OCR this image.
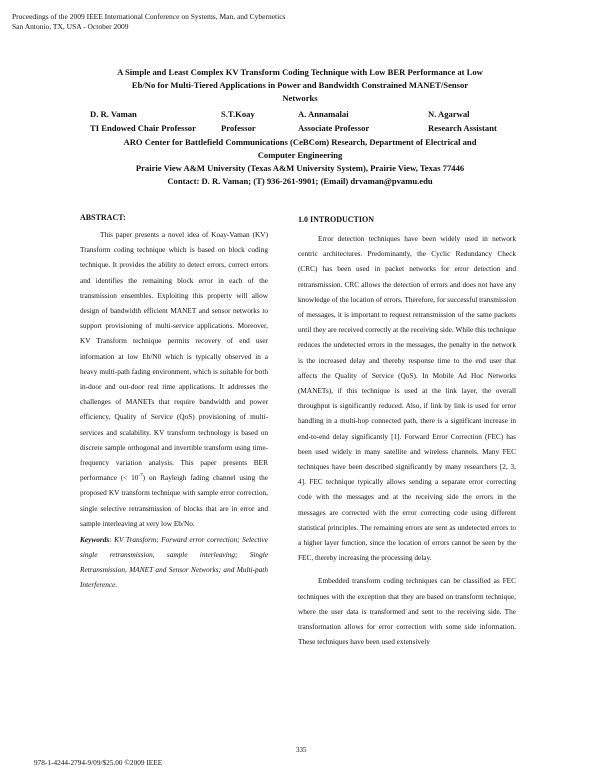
Proceedings of the 2009 IEEE International Conference on Systems, Man, and Cybernetics
San Antonio, TX, USA - October 2009
A Simple and Least Complex KV Transform Coding Technique with Low BER Performance at Low
Eb/No for Multi-Tiered Applications in Power and Bandwidth Constrained MANET/Sensor
Networks
D. R. Vaman	S.T.Koay	A. Annamalai	N. Agarwal
TI Endowed Chair Professor	Professor	Associate Professor	Research Assistant
ARO Center for Battlefield Communications (CeBCom) Research, Department of Electrical and
Computer Engineering
Prairie View A&M University (Texas A&M University System), Prairie View, Texas 77446
Contact: D. R. Vaman; (T) 936-261-9901; (Email) drvaman@pvamu.edu
ABSTRACT:

This paper presents a novel idea of Koay-Vaman (KV) Transform coding technique which is based on block coding technique. It provides the ability to detect errors, correct errors and identifies the remaining block error in each of the transmission ensembles. Exploiting this property will allow design of bandwidth efficient MANET and sensor networks to support provisioning of multi-service applications. Moreover, KV Transform technique permits recovery of end user information at low Eb/N0 which is typically observed in a heavy multi-path fading environment, which is suitable for both in-door and out-door real time applications. It addresses the challenges of MANETs that require bandwidth and power efficiency, Quality of Service (QoS) provisioning of multi-services and scalability. KV transform technology is based on discrete sample orthogonal and invertible transform using time-frequency variation analysis. This paper presents BER performance (< $10^{-7}$) on Rayleigh fading channel using the proposed KV transform technique with sample error correction, single selective retransmission of blocks that are in error and sample interleaving at very low Eb/No.

Keywords: KV Transform; Forward error correction; Selective single retransmission, sample interleaving; Single Retransmission, MANET and Sensor Networks; and Multi-path Interference.
1.0 INTRODUCTION

Error detection techniques have been widely used in network centric architectures. Predominantly, the Cyclic Redundancy Check (CRC) has been used in packet networks for error detection and retransmission. CRC allows the detection of errors and does not have any knowledge of the location of errors. Therefore, for successful transmission of messages, it is important to request retransmission of the same packets until they are received correctly at the receiving side. While this technique reduces the undetected errors in the messages, the penalty in the network is the increased delay and thereby response time to the end user that affects the Quality of Service (QoS). In Mobile Ad Hoc Networks (MANETs), if this technique is used at the link layer, the overall throughput is significantly reduced. Also, if link by link is used for error handling in a multi-hop connected path, there is a significant increase in end-to-end delay significantly [1]. Forward Error Correction (FEC) has been used widely in many satellite and wireless channels. Many FEC techniques have been described significantly by many researchers [2, 3, 4]. FEC technique typically allows sending a separate error correcting code with the messages and at the receiving side the errors in the messages are corrected with the error correcting code using different statistical principles. The remaining errors are sent as undetected errors to a higher layer function, since the location of errors cannot be seen by the FEC, thereby increasing the processing delay.

Embedded transform coding techniques can be classified as FEC techniques with the exception that they are based on transform technique, where the user data is transformed and sent to the receiving side. The transformation allows for error correction with some side information. These techniques have been used extensively

335
978-1-4244-2794-9/09/$25.00 ©2009 IEEE
